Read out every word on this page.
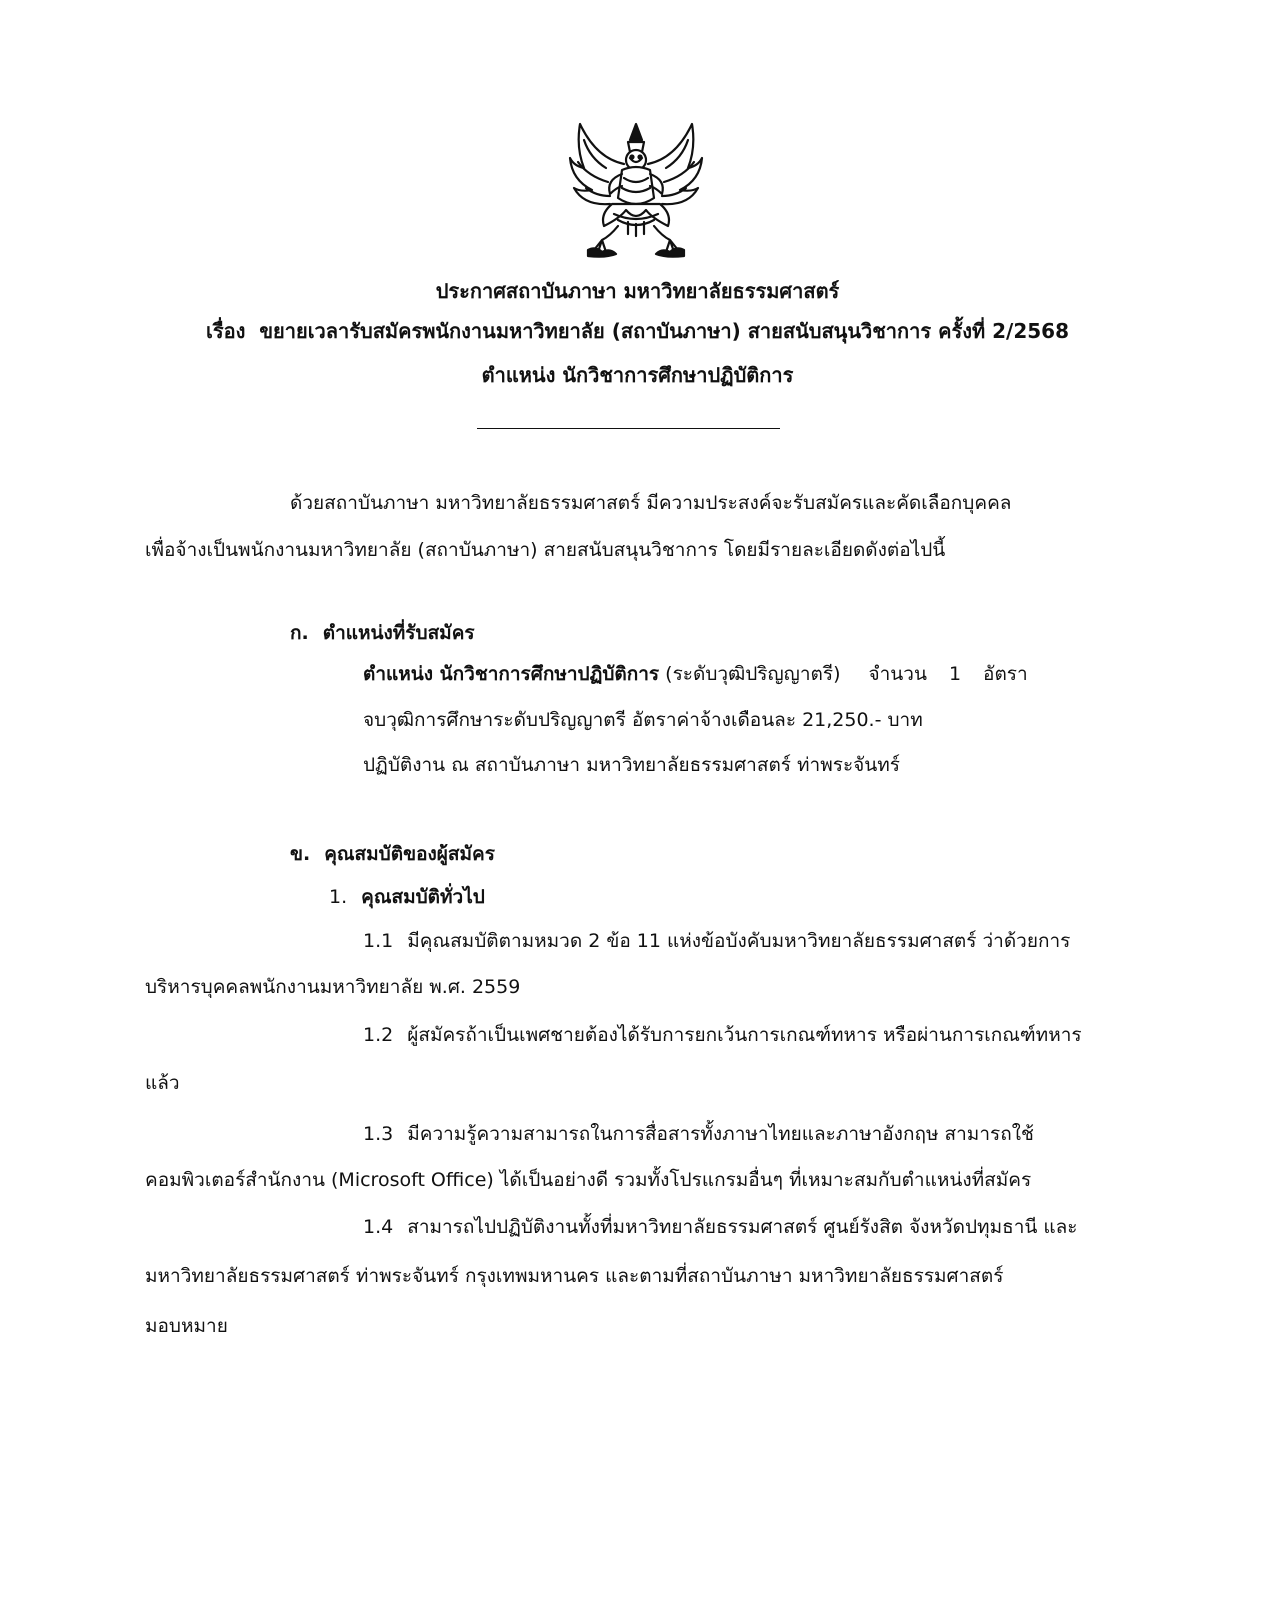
ประกาศสถาบันภาษา มหาวิทยาลัยธรรมศาสตร์
เรื่อง ขยายเวลารับสมัครพนักงานมหาวิทยาลัย (สถาบันภาษา) สายสนับสนุนวิชาการ ครั้งที่ 2/2568
ตำแหน่ง นักวิชาการศึกษาปฏิบัติการ
ด้วยสถาบันภาษา มหาวิทยาลัยธรรมศาสตร์ มีความประสงค์จะรับสมัครและคัดเลือกบุคคล
เพื่อจ้างเป็นพนักงานมหาวิทยาลัย (สถาบันภาษา) สายสนับสนุนวิชาการ โดยมีรายละเอียดดังต่อไปนี้
ก. ตำแหน่งที่รับสมัคร
ตำแหน่ง นักวิชาการศึกษาปฏิบัติการ (ระดับวุฒิปริญญาตรี) จำนวน 1 อัตรา
จบวุฒิการศึกษาระดับปริญญาตรี อัตราค่าจ้างเดือนละ 21,250.- บาท
ปฏิบัติงาน ณ สถาบันภาษา มหาวิทยาลัยธรรมศาสตร์ ท่าพระจันทร์
ข. คุณสมบัติของผู้สมัคร
1. คุณสมบัติทั่วไป
1.1 มีคุณสมบัติตามหมวด 2 ข้อ 11 แห่งข้อบังคับมหาวิทยาลัยธรรมศาสตร์ ว่าด้วยการ
บริหารบุคคลพนักงานมหาวิทยาลัย พ.ศ. 2559
1.2 ผู้สมัครถ้าเป็นเพศชายต้องได้รับการยกเว้นการเกณฑ์ทหาร หรือผ่านการเกณฑ์ทหาร
แล้ว
1.3 มีความรู้ความสามารถในการสื่อสารทั้งภาษาไทยและภาษาอังกฤษ สามารถใช้
คอมพิวเตอร์สำนักงาน (Microsoft Office) ได้เป็นอย่างดี รวมทั้งโปรแกรมอื่นๆ ที่เหมาะสมกับตำแหน่งที่สมัคร
1.4 สามารถไปปฏิบัติงานทั้งที่มหาวิทยาลัยธรรมศาสตร์ ศูนย์รังสิต จังหวัดปทุมธานี และ
มหาวิทยาลัยธรรมศาสตร์ ท่าพระจันทร์ กรุงเทพมหานคร และตามที่สถาบันภาษา มหาวิทยาลัยธรรมศาสตร์
มอบหมาย
